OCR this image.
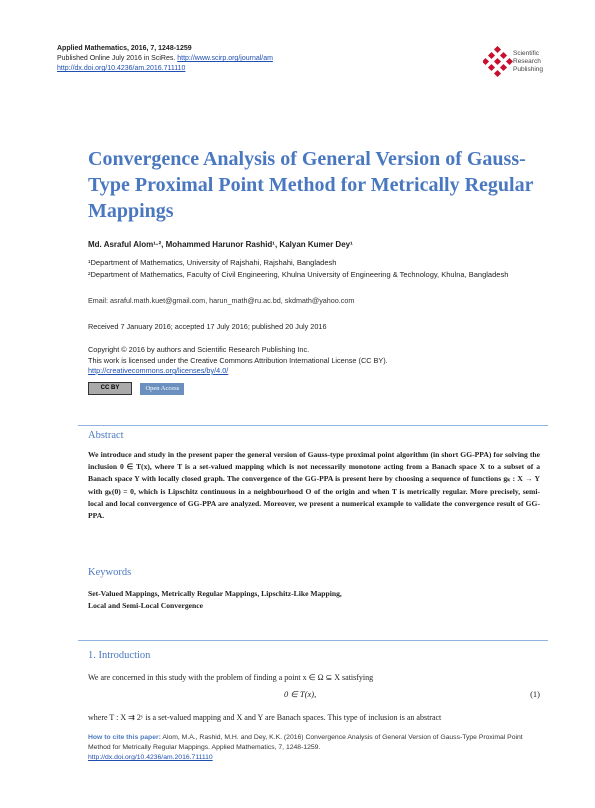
Applied Mathematics, 2016, 7, 1248-1259
Published Online July 2016 in SciRes. http://www.scirp.org/journal/am
http://dx.doi.org/10.4236/am.2016.711110
Scientific
Research
Publishing
Convergence Analysis of General Version of Gauss-Type Proximal Point Method for Metrically Regular Mappings
Md. Asraful Alom¹·², Mohammed Harunor Rashid¹, Kalyan Kumer Dey¹
¹Department of Mathematics, University of Rajshahi, Rajshahi, Bangladesh
²Department of Mathematics, Faculty of Civil Engineering, Khulna University of Engineering & Technology, Khulna, Bangladesh
Email: asraful.math.kuet@gmail.com, harun_math@ru.ac.bd, skdmath@yahoo.com
Received 7 January 2016; accepted 17 July 2016; published 20 July 2016
Copyright © 2016 by authors and Scientific Research Publishing Inc.
This work is licensed under the Creative Commons Attribution International License (CC BY).
http://creativecommons.org/licenses/by/4.0/
CC BY	Open Access
Abstract
We introduce and study in the present paper the general version of Gauss-type proximal point algorithm (in short GG-PPA) for solving the inclusion 0 ∈ T(x), where T is a set-valued mapping which is not necessarily monotone acting from a Banach space X to a subset of a Banach space Y with locally closed graph. The convergence of the GG-PPA is present here by choosing a sequence of functions gₖ : X → Y with gₖ(0) = 0, which is Lipschitz continuous in a neighbourhood O of the origin and when T is metrically regular. More precisely, semi-local and local convergence of GG-PPA are analyzed. Moreover, we present a numerical example to validate the convergence result of GG-PPA.
Keywords
Set-Valued Mappings, Metrically Regular Mappings, Lipschitz-Like Mapping,
Local and Semi-Local Convergence
1. Introduction
We are concerned in this study with the problem of finding a point x ∈ Ω ⊆ X satisfying
0 ∈ T(x),	(1)
where T : X ⇉ 2ʸ is a set-valued mapping and X and Y are Banach spaces. This type of inclusion is an abstract
How to cite this paper: Alom, M.A., Rashid, M.H. and Dey, K.K. (2016) Convergence Analysis of General Version of Gauss-Type Proximal Point Method for Metrically Regular Mappings. Applied Mathematics, 7, 1248-1259.
http://dx.doi.org/10.4236/am.2016.711110
